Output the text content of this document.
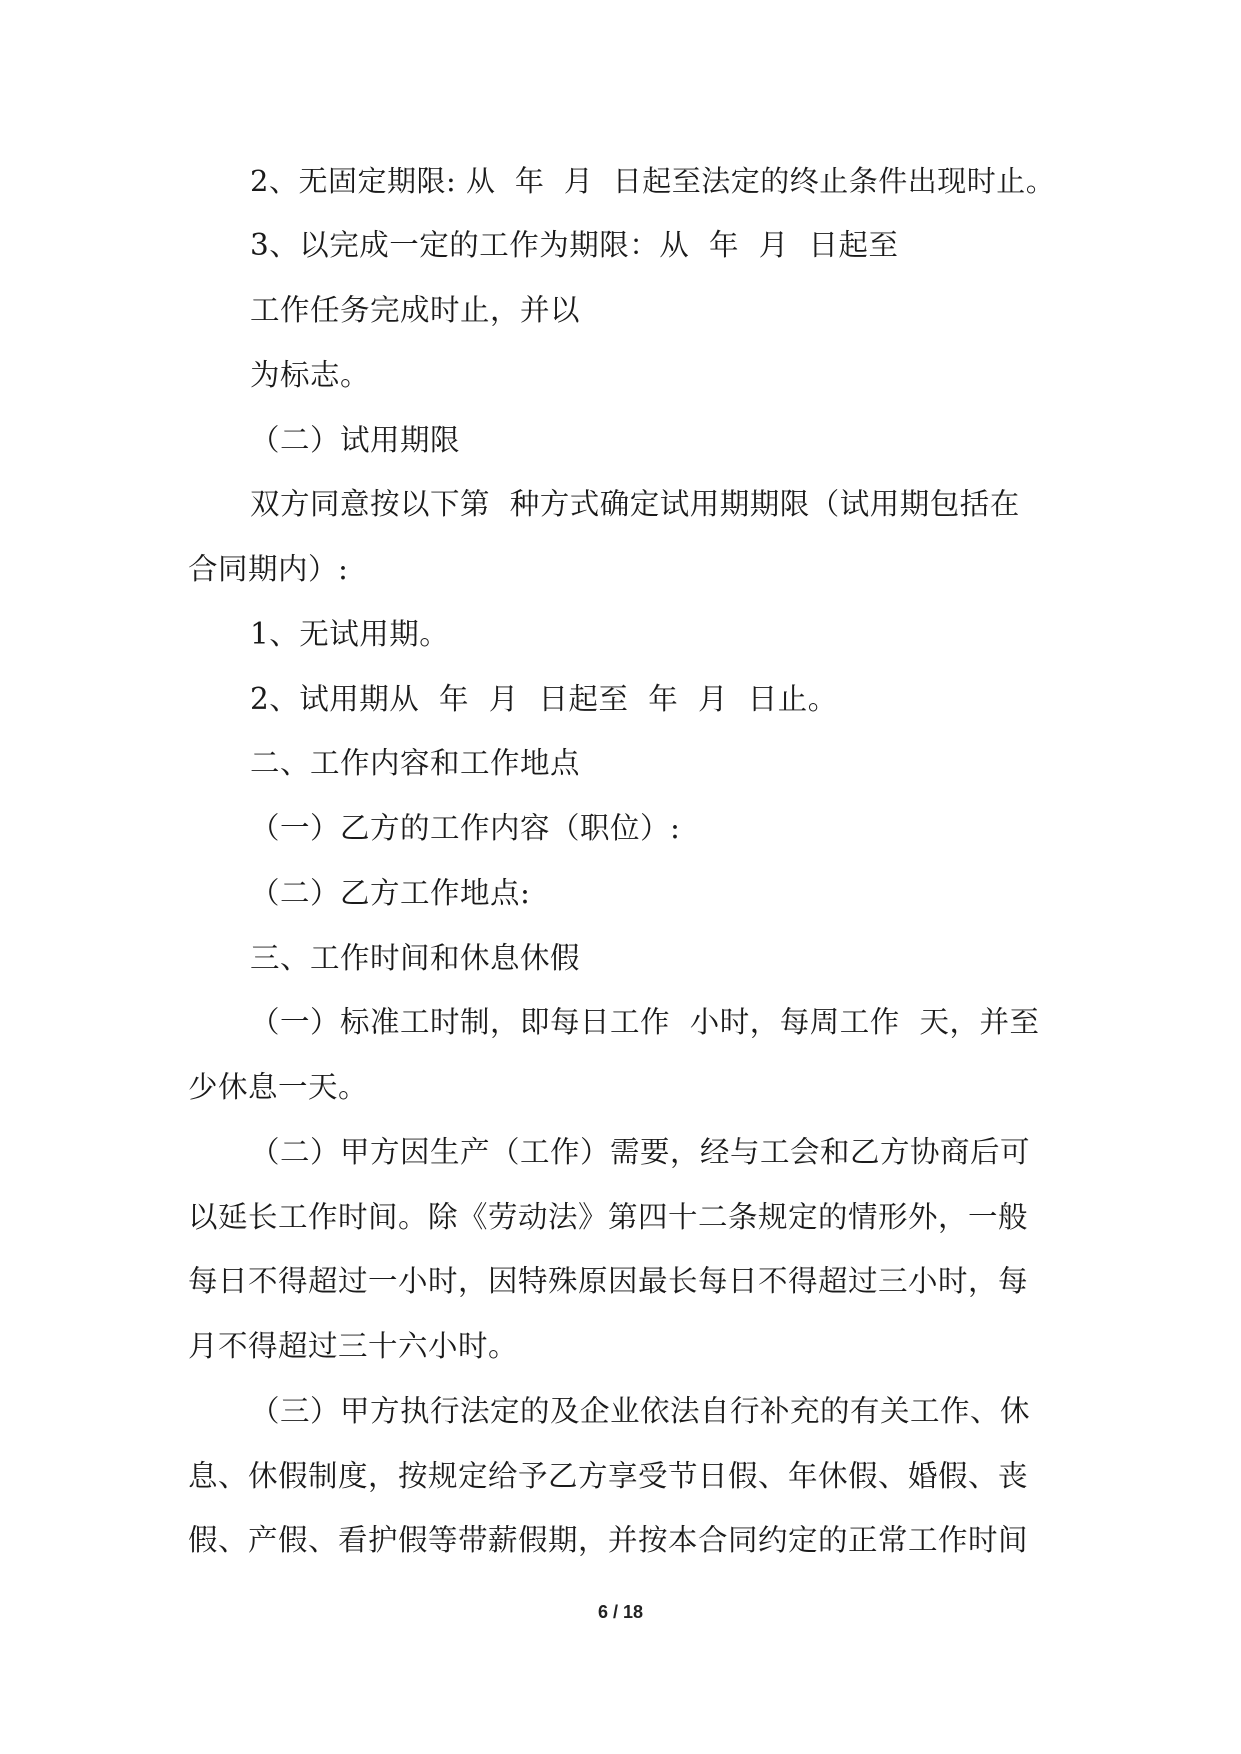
2、无固定期限: 从  年  月  日起至法定的终止条件出现时止。
3、以完成一定的工作为期限：从  年  月  日起至
工作任务完成时止，并以
为标志。
（二）试用期限
双方同意按以下第  种方式确定试用期期限（试用期包括在
合同期内）:
1、无试用期。
2、试用期从  年  月  日起至  年  月  日止。
二、工作内容和工作地点
（一）乙方的工作内容（职位）:
（二）乙方工作地点:
三、工作时间和休息休假
（一）标准工时制，即每日工作  小时，每周工作  天，并至
少休息一天。
（二）甲方因生产（工作）需要，经与工会和乙方协商后可
以延长工作时间。除《劳动法》第四十二条规定的情形外，一般
每日不得超过一小时，因特殊原因最长每日不得超过三小时，每
月不得超过三十六小时。
（三）甲方执行法定的及企业依法自行补充的有关工作、休
息、休假制度，按规定给予乙方享受节日假、年休假、婚假、丧
假、产假、看护假等带薪假期，并按本合同约定的正常工作时间
6 / 18
